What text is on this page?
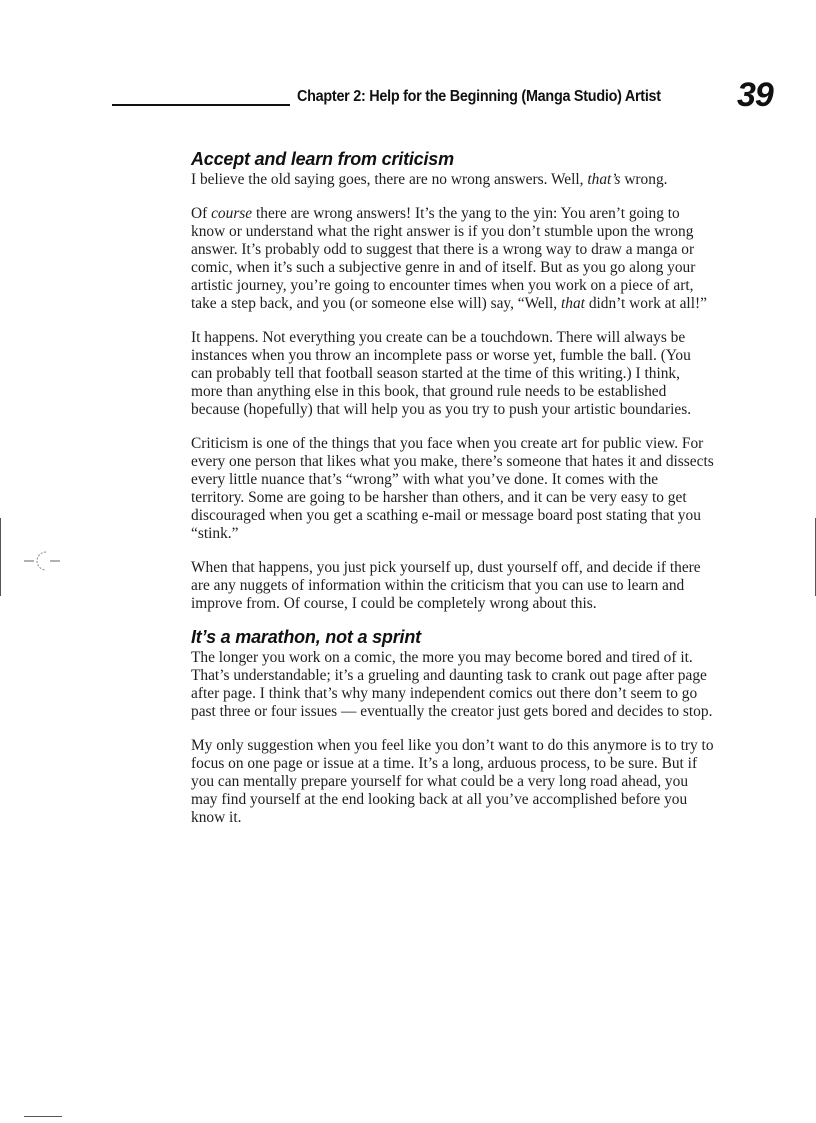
Chapter 2: Help for the Beginning (Manga Studio) Artist 39
Accept and learn from criticism

I believe the old saying goes, there are no wrong answers. Well, that’s wrong.

Of course there are wrong answers! It’s the yang to the yin: You aren’t going to know or understand what the right answer is if you don’t stumble upon the wrong answer. It’s probably odd to suggest that there is a wrong way to draw a manga or comic, when it’s such a subjective genre in and of itself. But as you go along your artistic journey, you’re going to encounter times when you work on a piece of art, take a step back, and you (or someone else will) say, “Well, that didn’t work at all!”

It happens. Not everything you create can be a touchdown. There will always be instances when you throw an incomplete pass or worse yet, fumble the ball. (You can probably tell that football season started at the time of this writing.) I think, more than anything else in this book, that ground rule needs to be established because (hopefully) that will help you as you try to push your artistic boundaries.

Criticism is one of the things that you face when you create art for public view. For every one person that likes what you make, there’s someone that hates it and dissects every little nuance that’s “wrong” with what you’ve done. It comes with the territory. Some are going to be harsher than others, and it can be very easy to get discouraged when you get a scathing e-mail or message board post stating that you “stink.”

When that happens, you just pick yourself up, dust yourself off, and decide if there are any nuggets of information within the criticism that you can use to learn and improve from. Of course, I could be completely wrong about this.

It’s a marathon, not a sprint

The longer you work on a comic, the more you may become bored and tired of it. That’s understandable; it’s a grueling and daunting task to crank out page after page after page. I think that’s why many independent comics out there don’t seem to go past three or four issues — eventually the creator just gets bored and decides to stop.

My only suggestion when you feel like you don’t want to do this anymore is to try to focus on one page or issue at a time. It’s a long, arduous process, to be sure. But if you can mentally prepare yourself for what could be a very long road ahead, you may find yourself at the end looking back at all you’ve accomplished before you know it.
